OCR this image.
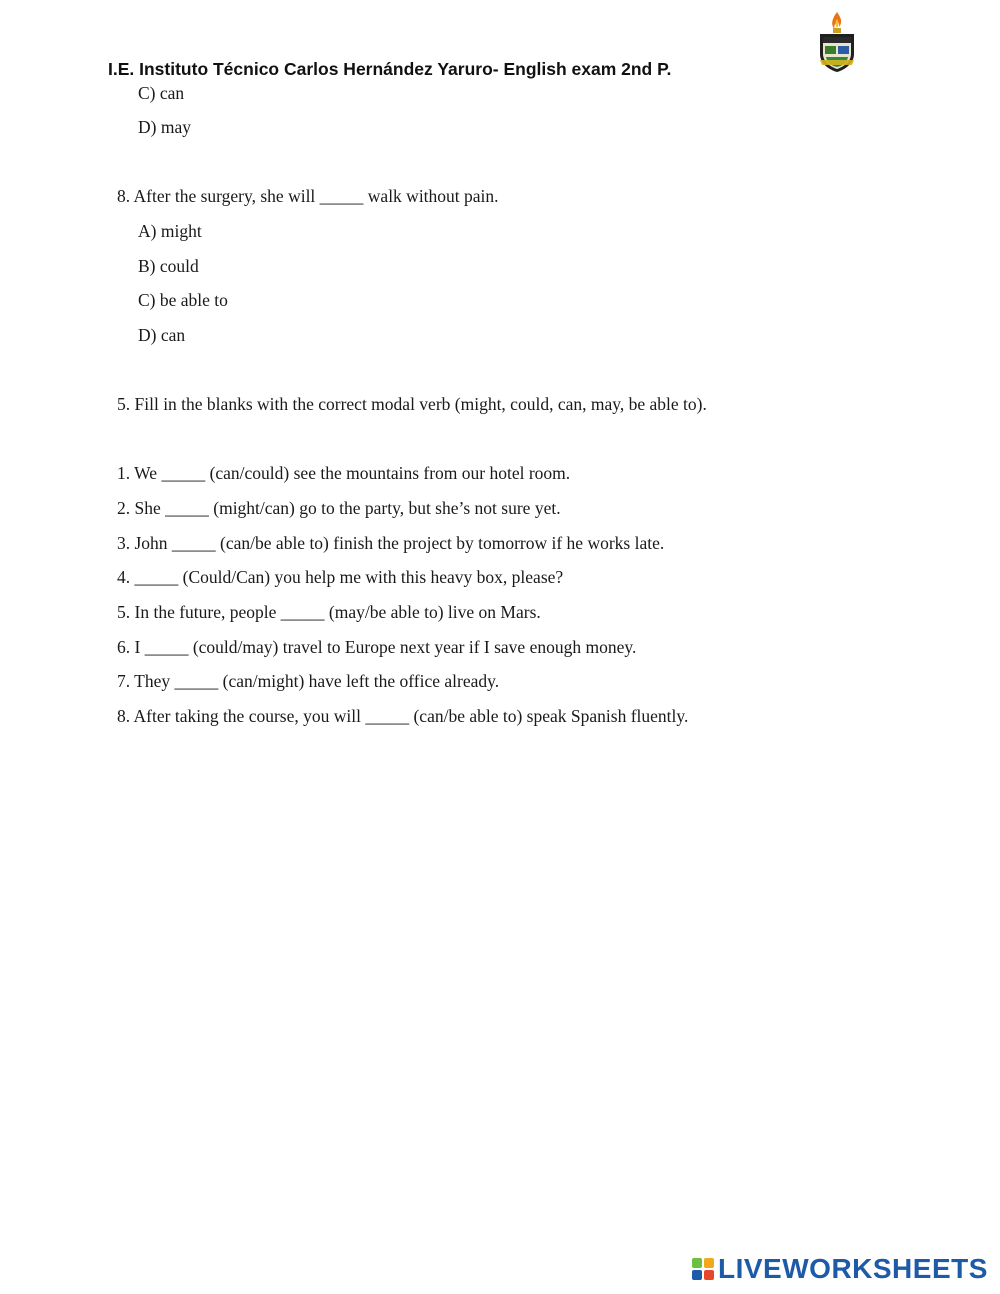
I.E. Instituto Técnico Carlos Hernández Yaruro- English exam 2nd P.
C) can
D) may
8. After the surgery, she will _____ walk without pain.
A) might
B) could
C) be able to
D) can
5. Fill in the blanks with the correct modal verb (might, could, can, may, be able to).
1. We _____ (can/could) see the mountains from our hotel room.
2. She _____ (might/can) go to the party, but she’s not sure yet.
3. John _____ (can/be able to) finish the project by tomorrow if he works late.
4. _____ (Could/Can) you help me with this heavy box, please?
5. In the future, people _____ (may/be able to) live on Mars.
6. I _____ (could/may) travel to Europe next year if I save enough money.
7. They _____ (can/might) have left the office already.
8. After taking the course, you will _____ (can/be able to) speak Spanish fluently.
LIVEWORKSHEETS
